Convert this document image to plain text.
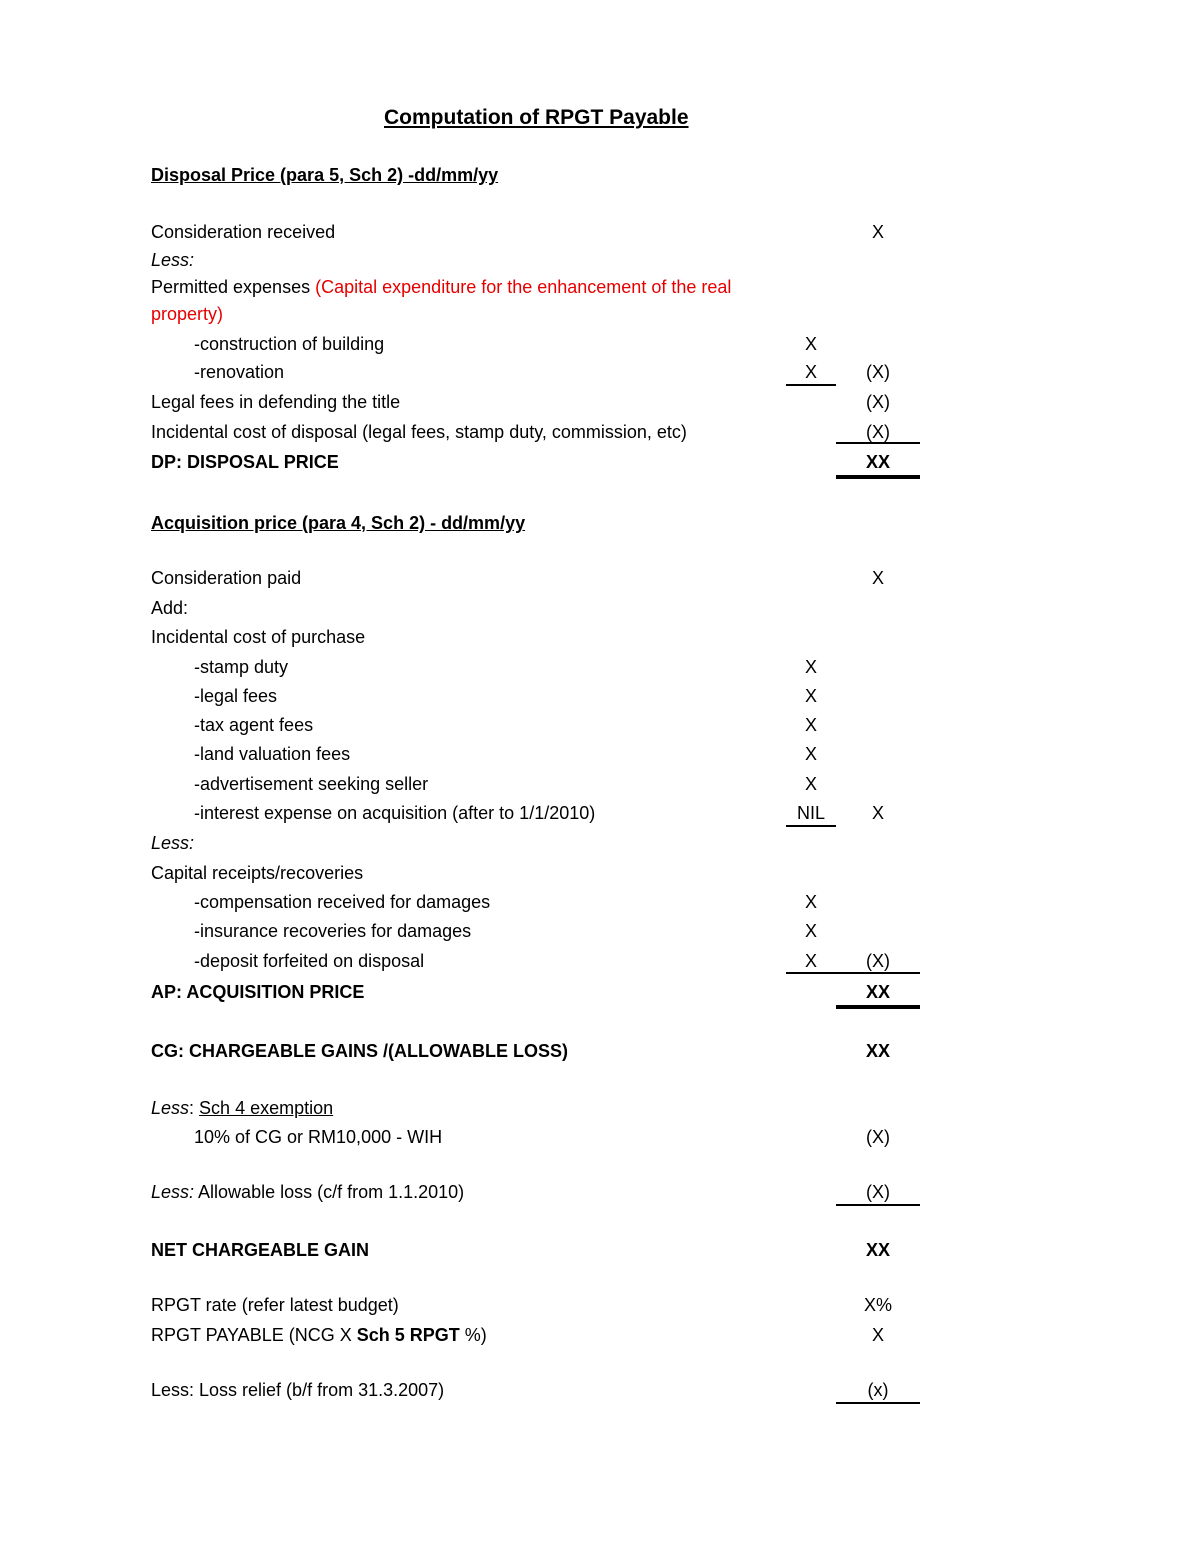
Computation of RPGT Payable
Disposal Price (para 5, Sch 2) -dd/mm/yy
Consideration received	X
Less:
Permitted expenses (Capital expenditure for the enhancement of the real
property)
-construction of building	X
-renovation	X	(X)
Legal fees in defending the title	(X)
Incidental cost of disposal (legal fees, stamp duty, commission, etc)	(X)
DP: DISPOSAL PRICE	XX
Acquisition price (para 4, Sch 2) - dd/mm/yy
Consideration paid	X
Add:
Incidental cost of purchase
-stamp duty	X
-legal fees	X
-tax agent fees	X
-land valuation fees	X
-advertisement seeking seller	X
-interest expense on acquisition (after to 1/1/2010)	NIL	X
Less:
Capital receipts/recoveries
-compensation received for damages	X
-insurance recoveries for damages	X
-deposit forfeited on disposal	X	(X)
AP: ACQUISITION PRICE	XX
CG: CHARGEABLE GAINS /(ALLOWABLE LOSS)	XX
Less: Sch 4 exemption
10% of CG or RM10,000 - WIH	(X)
Less: Allowable loss (c/f from 1.1.2010)	(X)
NET CHARGEABLE GAIN	XX
RPGT rate (refer latest budget)	X%
RPGT PAYABLE (NCG X Sch 5 RPGT %)	X
Less: Loss relief (b/f from 31.3.2007)	(x)
